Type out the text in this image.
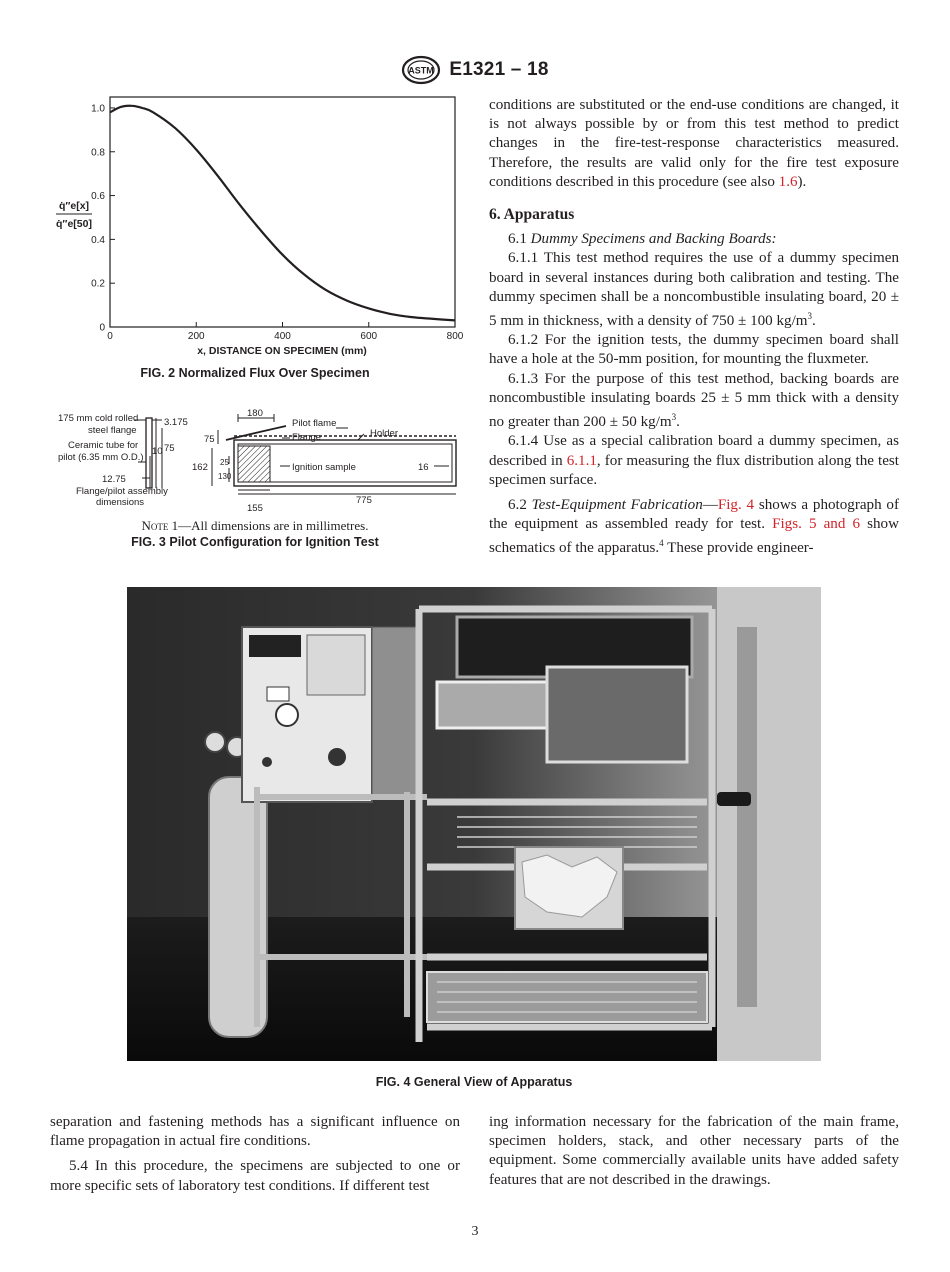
ASTM E1321 – 18
0	200	400	600	800
0
0.2
0.4
0.6
0.8
1.0
x, DISTANCE ON SPECIMEN (mm)
q̇″e[x]
q̇″e[50]
FIG. 2 Normalized Flux Over Specimen
175 mm cold rolled
steel flange
Ceramic tube for
pilot (6.35 mm O.D.)
3.175
10 75
12.75
Flange/pilot assembly
dimensions
180
75
162 25
130
155
775
16
Pilot flame
Flange	Holder
Ignition sample
Note 1—All dimensions are in millimetres.
FIG. 3 Pilot Configuration for Ignition Test

conditions are substituted or the end-use conditions are changed, it is not always possible by or from this test method to predict changes in the fire-test-response characteristics measured. Therefore, the results are valid only for the fire test exposure conditions described in this procedure (see also 1.6).

6. Apparatus

6.1 Dummy Specimens and Backing Boards:

6.1.1 This test method requires the use of a dummy specimen board in several instances during both calibration and testing. The dummy specimen shall be a noncombustible insulating board, 20 ± 5 mm in thickness, with a density of 750 ± 100 $kg/m^3$.

6.1.2 For the ignition tests, the dummy specimen board shall have a hole at the 50-mm position, for mounting the fluxmeter.

6.1.3 For the purpose of this test method, backing boards are noncombustible insulating boards 25 ± 5 mm thick with a density no greater than 200 ± 50 $kg/m^3$.

6.1.4 Use as a special calibration board a dummy specimen, as described in 6.1.1, for measuring the flux distribution along the test specimen surface.

6.2 Test-Equipment Fabrication—Fig. 4 shows a photograph of the equipment as assembled ready for test. Figs. 5 and 6 show schematics of the apparatus.$^4$ These provide engineer-

FIG. 4 General View of Apparatus

separation and fastening methods has a significant influence on flame propagation in actual fire conditions.

5.4 In this procedure, the specimens are subjected to one or more specific sets of laboratory test conditions. If different test

ing information necessary for the fabrication of the main frame, specimen holders, stack, and other necessary parts of the equipment. Some commercially available units have added safety features that are not described in the drawings.

3
